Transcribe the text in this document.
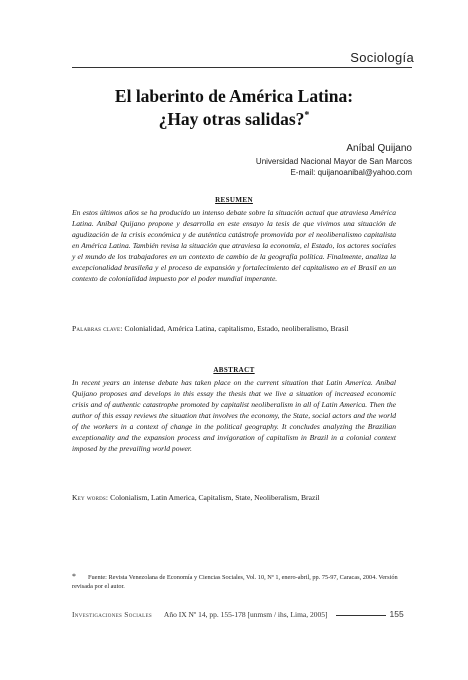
Sociología
El laberinto de América Latina:
¿Hay otras salidas?*
Aníbal Quijano
Universidad Nacional Mayor de San Marcos
E-mail: quijanoanibal@yahoo.com
RESUMEN
En estos últimos años se ha producido un intenso debate sobre la situación actual que atraviesa América Latina. Aníbal Quijano propone y desarrolla en este ensayo la tesis de que vivimos una situación de agudización de la crisis económica y de auténtica catástrofe promovida por el neoliberalismo capitalista en América Latina. También revisa la situación que atraviesa la economía, el Estado, los actores sociales y el mundo de los trabajadores en un contexto de cambio de la geografía política. Finalmente, analiza la excepcionalidad brasileña y el proceso de expansión y fortalecimiento del capitalismo en el Brasil en un contexto de colonialidad impuesto por el poder mundial imperante.
Palabras clave: Colonialidad, América Latina, capitalismo, Estado, neoliberalismo, Brasil
ABSTRACT
In recent years an intense debate has taken place on the current situation that Latin America. Aníbal Quijano proposes and develops in this essay the thesis that we live a situation of increased economic crisis and of authentic catastrophe promoted by capitalist neoliberalism in all of Latin America. Then the author of this essay reviews the situation that involves the economy, the State, social actors and the world of the workers in a context of change in the political geography. It concludes analyzing the Brazilian exceptionality and the expansion process and invigoration of capitalism in Brazil in a colonial context imposed by the prevailing world power.
Key words: Colonialism, Latin America, Capitalism, State, Neoliberalism, Brazil
* Fuente: Revista Venezolana de Economía y Ciencias Sociales, Vol. 10, Nº 1, enero-abril, pp. 75-97, Caracas, 2004. Versión revisada por el autor.
Investigaciones Sociales Año IX Nº 14, pp. 155-178 [unmsm / ihs, Lima, 2005]	155
